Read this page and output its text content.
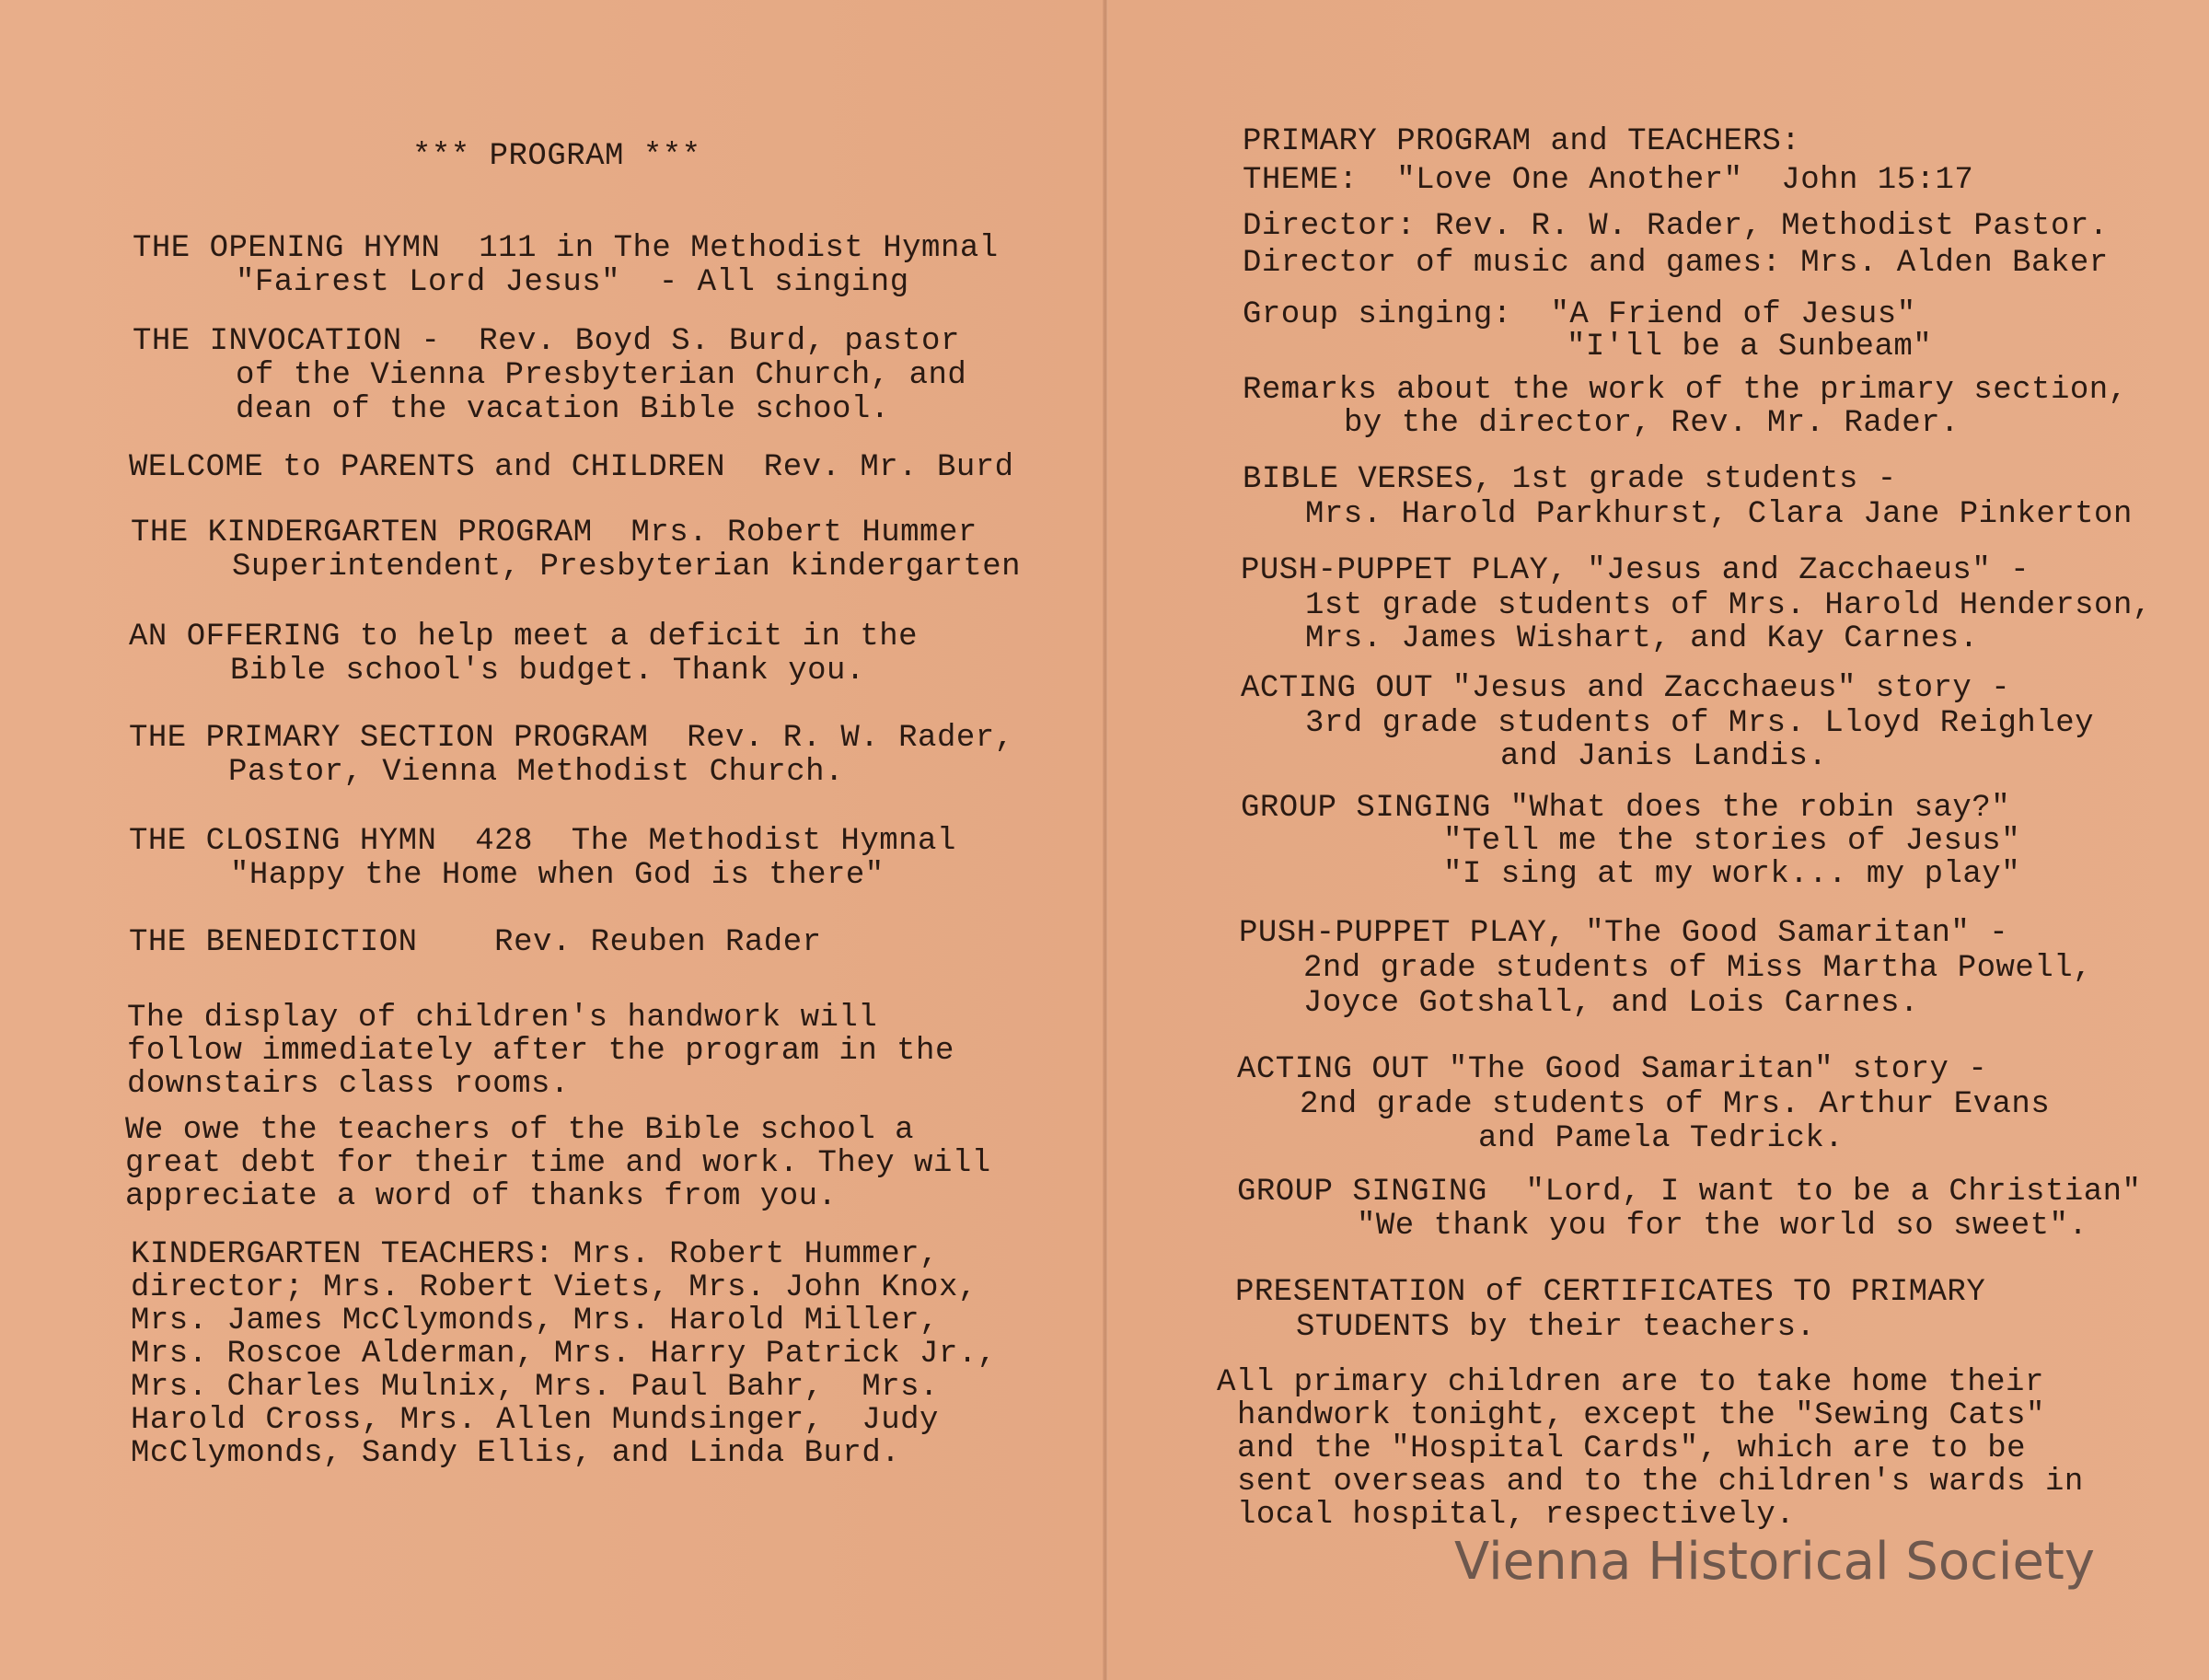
*** PROGRAM ***
THE OPENING HYMN  111 in The Methodist Hymnal
"Fairest Lord Jesus"  - All singing
THE INVOCATION -  Rev. Boyd S. Burd, pastor
of the Vienna Presbyterian Church, and
dean of the vacation Bible school.
WELCOME to PARENTS and CHILDREN  Rev. Mr. Burd
THE KINDERGARTEN PROGRAM  Mrs. Robert Hummer
Superintendent, Presbyterian kindergarten
AN OFFERING to help meet a deficit in the
Bible school's budget. Thank you.
THE PRIMARY SECTION PROGRAM  Rev. R. W. Rader,
Pastor, Vienna Methodist Church.
THE CLOSING HYMN  428  The Methodist Hymnal
"Happy the Home when God is there"
THE BENEDICTION    Rev. Reuben Rader
The display of children's handwork will
follow immediately after the program in the
downstairs class rooms.
We owe the teachers of the Bible school a
great debt for their time and work. They will
appreciate a word of thanks from you.
KINDERGARTEN TEACHERS: Mrs. Robert Hummer,
director; Mrs. Robert Viets, Mrs. John Knox,
Mrs. James McClymonds, Mrs. Harold Miller,
Mrs. Roscoe Alderman, Mrs. Harry Patrick Jr.,
Mrs. Charles Mulnix, Mrs. Paul Bahr,  Mrs.
Harold Cross, Mrs. Allen Mundsinger,  Judy
McClymonds, Sandy Ellis, and Linda Burd.
PRIMARY PROGRAM and TEACHERS:
THEME:  "Love One Another"  John 15:17
Director: Rev. R. W. Rader, Methodist Pastor.
Director of music and games: Mrs. Alden Baker
Group singing:  "A Friend of Jesus"
"I'll be a Sunbeam"
Remarks about the work of the primary section,
by the director, Rev. Mr. Rader.
BIBLE VERSES, 1st grade students -
Mrs. Harold Parkhurst, Clara Jane Pinkerton
PUSH-PUPPET PLAY, "Jesus and Zacchaeus" -
1st grade students of Mrs. Harold Henderson,
Mrs. James Wishart, and Kay Carnes.
ACTING OUT "Jesus and Zacchaeus" story -
3rd grade students of Mrs. Lloyd Reighley
and Janis Landis.
GROUP SINGING "What does the robin say?"
"Tell me the stories of Jesus"
"I sing at my work... my play"
PUSH-PUPPET PLAY, "The Good Samaritan" -
2nd grade students of Miss Martha Powell,
Joyce Gotshall, and Lois Carnes.
ACTING OUT "The Good Samaritan" story -
2nd grade students of Mrs. Arthur Evans
and Pamela Tedrick.
GROUP SINGING  "Lord, I want to be a Christian"
"We thank you for the world so sweet".
PRESENTATION of CERTIFICATES TO PRIMARY
STUDENTS by their teachers.
All primary children are to take home their
handwork tonight, except the "Sewing Cats"
and the "Hospital Cards", which are to be
sent overseas and to the children's wards in
local hospital, respectively.
Vienna Historical Society
